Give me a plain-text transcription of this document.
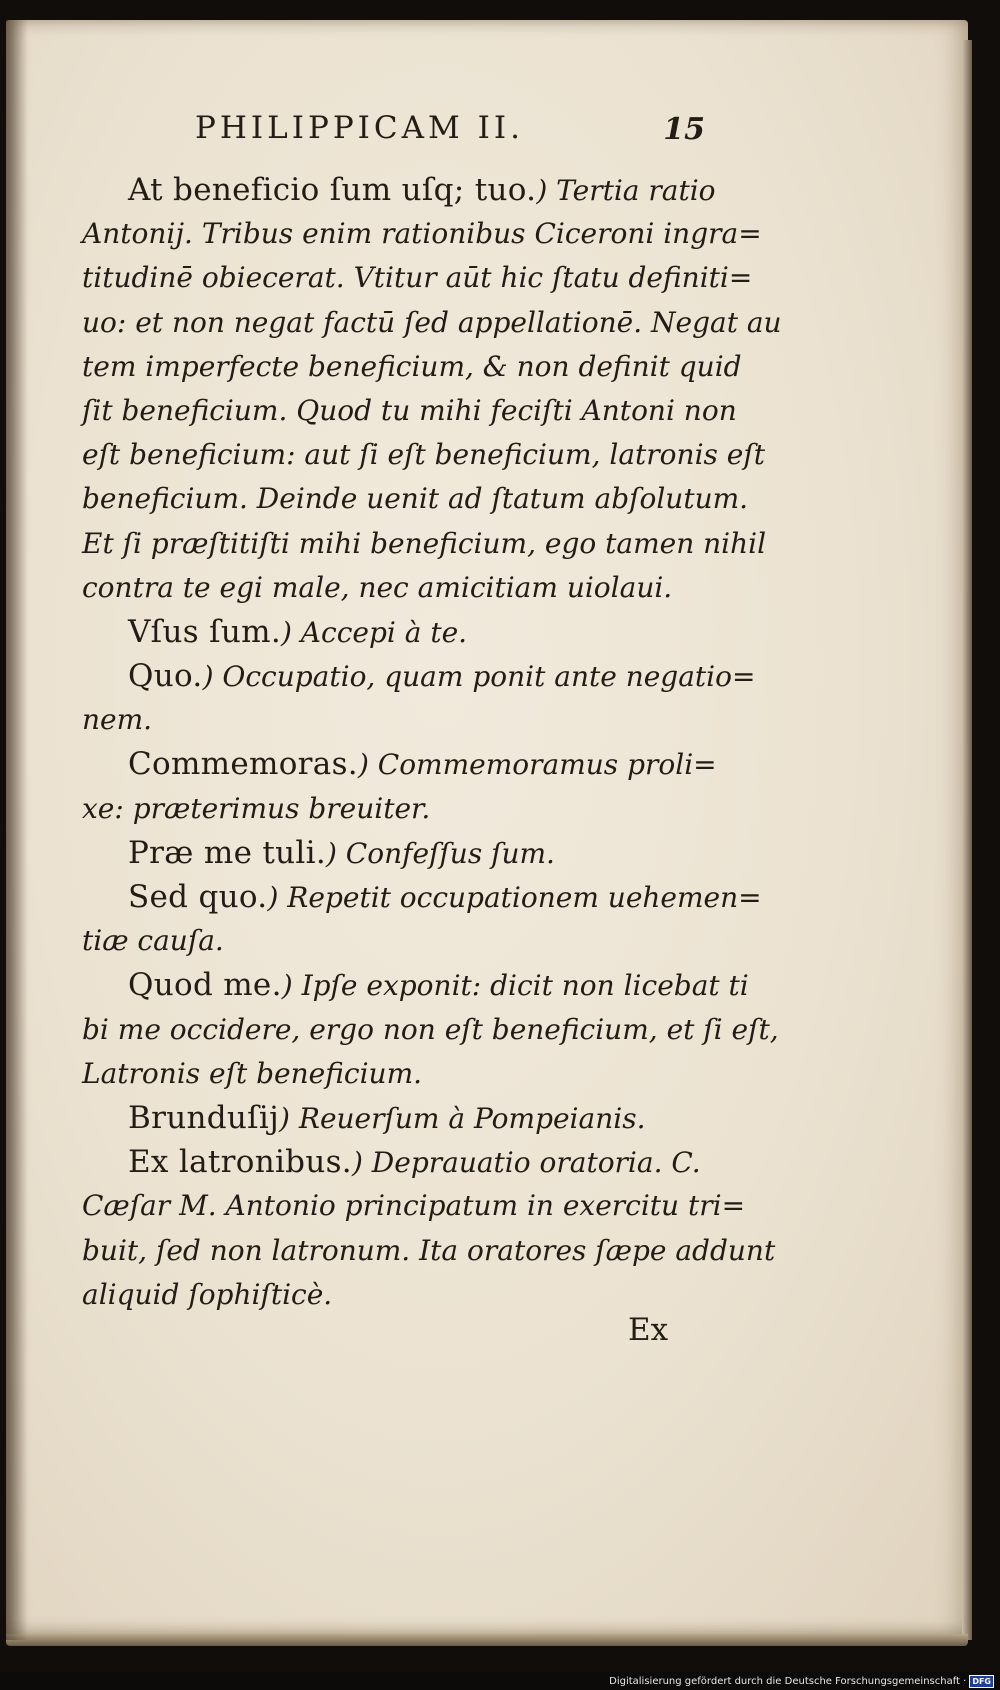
PHILIPPICAM II.	15
At beneficio ſum uſq; tuo.) Tertia ratio
Antonij. Tribus enim rationibus Ciceroni ingra=
titudinē obiecerat. Vtitur aūt hic ſtatu definiti=
uo: et non negat factū ſed appellationē. Negat au
tem imperfecte beneficium, & non definit quid
ſit beneficium. Quod tu mihi feciſti Antoni non
eſt beneficium: aut ſi eſt beneficium, latronis eſt
beneficium. Deinde uenit ad ſtatum abſolutum.
Et ſi præſtitiſti mihi beneficium, ego tamen nihil
contra te egi male, nec amicitiam uiolaui.
Vſus ſum.) Accepi à te.
Quo.) Occupatio, quam ponit ante negatio=
nem.
Commemoras.) Commemoramus proli=
xe: præterimus breuiter.
Præ me tuli.) Confeſſus ſum.
Sed quo.) Repetit occupationem uehemen=
tiæ cauſa.
Quod me.) Ipſe exponit: dicit non licebat ti
bi me occidere, ergo non eſt beneficium, et ſi eſt,
Latronis eſt beneficium.
Brunduſij) Reuerſum à Pompeianis.
Ex latronibus.) Deprauatio oratoria. C.
Cæſar M. Antonio principatum in exercitu tri=
buit, ſed non latronum. Ita oratores ſæpe addunt
aliquid ſophiſticè.
Ex
Digitalisierung gefördert durch die Deutsche Forschungsgemeinschaft · DFG
